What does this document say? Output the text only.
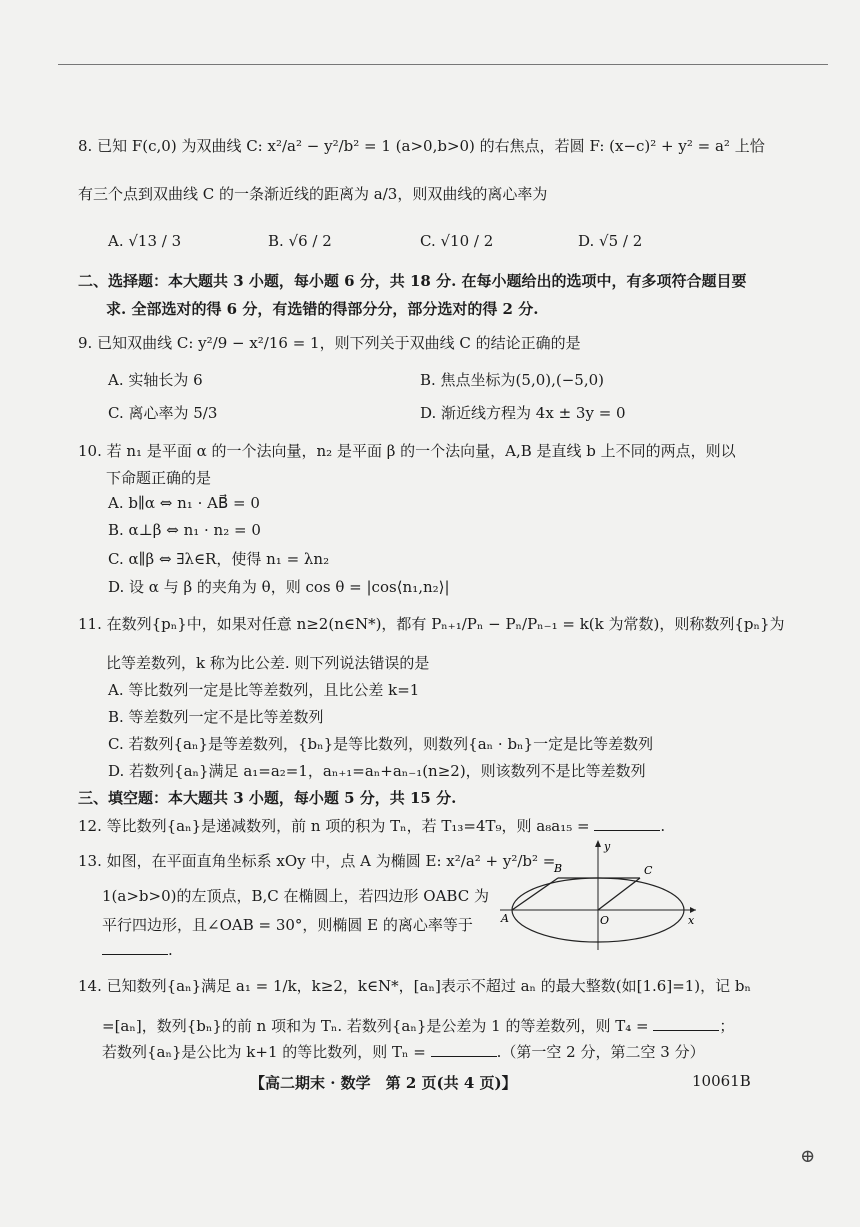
8. 已知 F(c,0) 为双曲线 C: x²/a² − y²/b² = 1 (a>0,b>0) 的右焦点，若圆 F: (x−c)² + y² = a² 上恰
有三个点到双曲线 C 的一条渐近线的距离为 a/3，则双曲线的离心率为
A. √13 / 3	B. √6 / 2	C. √10 / 2	D. √5 / 2
二、选择题：本大题共 3 小题，每小题 6 分，共 18 分. 在每小题给出的选项中，有多项符合题目要
求. 全部选对的得 6 分，有选错的得部分分，部分选对的得 2 分.
9. 已知双曲线 C: y²/9 − x²/16 = 1，则下列关于双曲线 C 的结论正确的是
A. 实轴长为 6	B. 焦点坐标为(5,0),(−5,0)
C. 离心率为 5/3	D. 渐近线方程为 4x ± 3y = 0
10. 若 n₁ 是平面 α 的一个法向量，n₂ 是平面 β 的一个法向量，A,B 是直线 b 上不同的两点，则以
下命题正确的是
A. b∥α ⇔ n₁ · AB⃗ = 0
B. α⊥β ⇔ n₁ · n₂ = 0
C. α∥β ⇔ ∃λ∈R，使得 n₁ = λn₂
D. 设 α 与 β 的夹角为 θ，则 cos θ = |cos⟨n₁,n₂⟩|
11. 在数列{pₙ}中，如果对任意 n≥2(n∈N*)，都有 Pₙ₊₁/Pₙ − Pₙ/Pₙ₋₁ = k(k 为常数)，则称数列{pₙ}为
比等差数列，k 称为比公差. 则下列说法错误的是
A. 等比数列一定是比等差数列，且比公差 k=1
B. 等差数列一定不是比等差数列
C. 若数列{aₙ}是等差数列，{bₙ}是等比数列，则数列{aₙ · bₙ}一定是比等差数列
D. 若数列{aₙ}满足 a₁=a₂=1，aₙ₊₁=aₙ+aₙ₋₁(n≥2)，则该数列不是比等差数列
三、填空题：本大题共 3 小题，每小题 5 分，共 15 分.
12. 等比数列{aₙ}是递减数列，前 n 项的积为 Tₙ，若 T₁₃=4T₉，则 a₈a₁₅ =	.
13. 如图，在平面直角坐标系 xOy 中，点 A 为椭圆 E: x²/a² + y²/b² =
1(a>b>0)的左顶点，B,C 在椭圆上，若四边形 OABC 为
平行四边形，且∠OAB = 30°，则椭圆 E 的离心率等于
.
A
B	C
O	x
y
14. 已知数列{aₙ}满足 a₁ = 1/k，k≥2，k∈N*，[aₙ]表示不超过 aₙ 的最大整数(如[1.6]=1)，记 bₙ
=[aₙ]，数列{bₙ}的前 n 项和为 Tₙ. 若数列{aₙ}是公差为 1 的等差数列，则 T₄ =	；
若数列{aₙ}是公比为 k+1 的等比数列，则 Tₙ =	.（第一空 2 分，第二空 3 分）
【高二期末 · 数学　第 2 页(共 4 页)】	10061B
⊕
